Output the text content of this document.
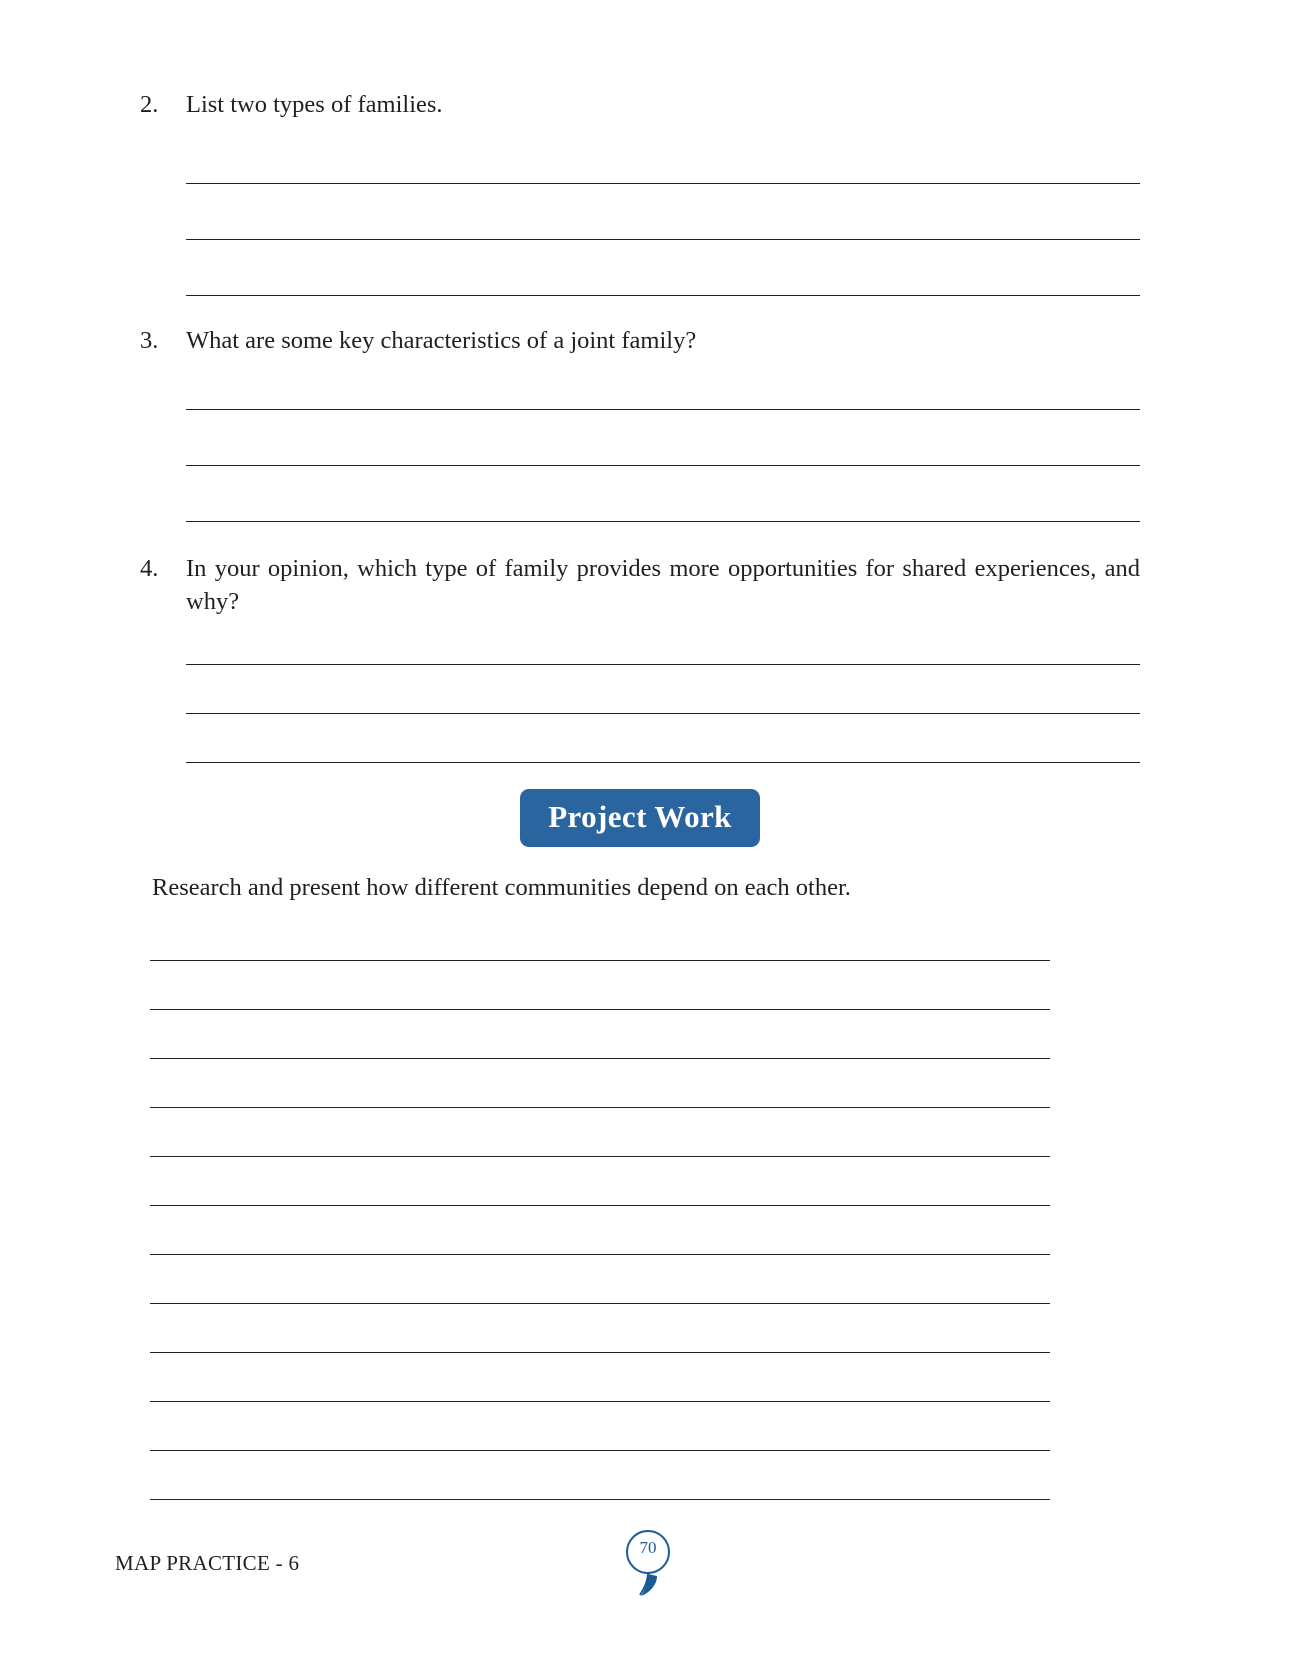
2.	List two types of families.
3.	What are some key characteristics of a joint family?
4.	In your opinion, which type of family provides more opportunities for shared experiences, and why?
Project Work
Research and present how different communities depend on each other.
MAP PRACTICE - 6
70
